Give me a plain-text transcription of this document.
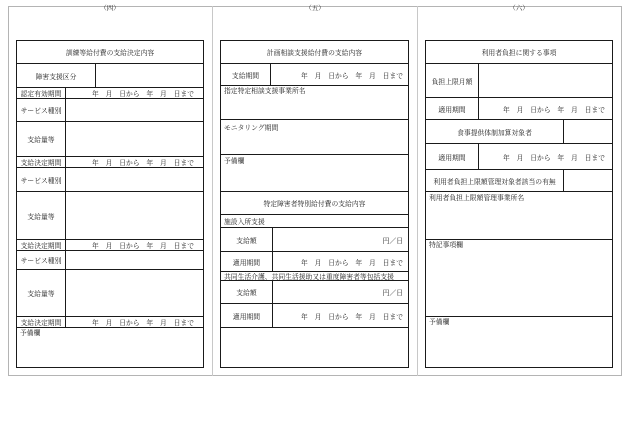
（四）	（五）	（六）
訓練等給付費の支給決定内容
障害支援区分
認定有効期間	年　月　日から　年　月　日まで
サービス種別
支給量等
支給決定期間	年　月　日から　年　月　日まで
サービス種別
支給量等
支給決定期間	年　月　日から　年　月　日まで
サービス種別
支給量等
支給決定期間	年　月　日から　年　月　日まで
予備欄
計画相談支援給付費の支給内容
支給期間	年　月　日から　年　月　日まで
指定特定相談支援事業所名
モニタリング期間
予備欄
特定障害者特別給付費の支給内容
施設入所支援
支給額	円／日
適用期間	年　月　日から　年　月　日まで
共同生活介護、共同生活援助又は重度障害者等包括支援
支給額	円／日
適用期間	年　月　日から　年　月　日まで
利用者負担に関する事項
負担上限月額
適用期間	年　月　日から　年　月　日まで
食事提供体制加算対象者
適用期間	年　月　日から　年　月　日まで
利用者負担上限額管理対象者該当の有無
利用者負担上限額管理事業所名
特記事項欄
予備欄
